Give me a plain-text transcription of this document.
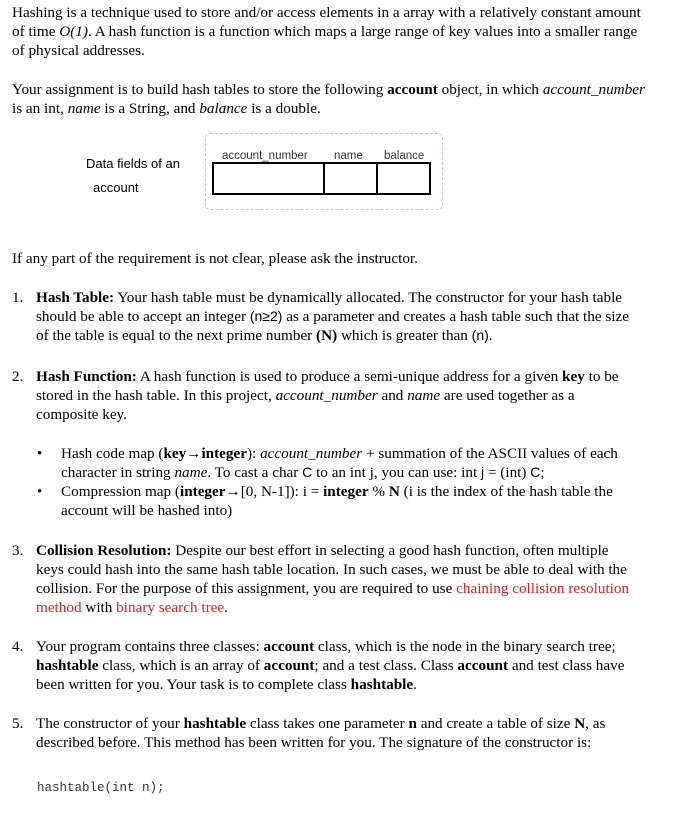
Hashing is a technique used to store and/or access elements in a array with a relatively constant amount of time O(1). A hash function is a function which maps a large range of key values into a smaller range of physical addresses.

Your assignment is to build hash tables to store the following account object, in which account_number is an int, name is a String, and balance is a double.

Data fields of an
account
account_number name balance

If any part of the requirement is not clear, please ask the instructor.

1. Hash Table: Your hash table must be dynamically allocated. The constructor for your hash table should be able to accept an integer (n≥2) as a parameter and creates a hash table such that the size of the table is equal to the next prime number (N) which is greater than (n).

2. Hash Function: A hash function is used to produce a semi-unique address for a given key to be stored in the hash table. In this project, account_number and name are used together as a composite key.

• Hash code map (key→integer): account_number + summation of the ASCII values of each character in string name. To cast a char C to an int j, you can use: int j = (int) C;

• Compression map (integer→[0, N-1]): i = integer % N (i is the index of the hash table the account will be hashed into)

3. Collision Resolution: Despite our best effort in selecting a good hash function, often multiple keys could hash into the same hash table location. In such cases, we must be able to deal with the collision. For the purpose of this assignment, you are required to use chaining collision resolution method with binary search tree.

4. Your program contains three classes: account class, which is the node in the binary search tree; hashtable class, which is an array of account; and a test class. Class account and test class have been written for you. Your task is to complete class hashtable.

5. The constructor of your hashtable class takes one parameter n and create a table of size N, as described before. This method has been written for you. The signature of the constructor is:

hashtable(int n);
